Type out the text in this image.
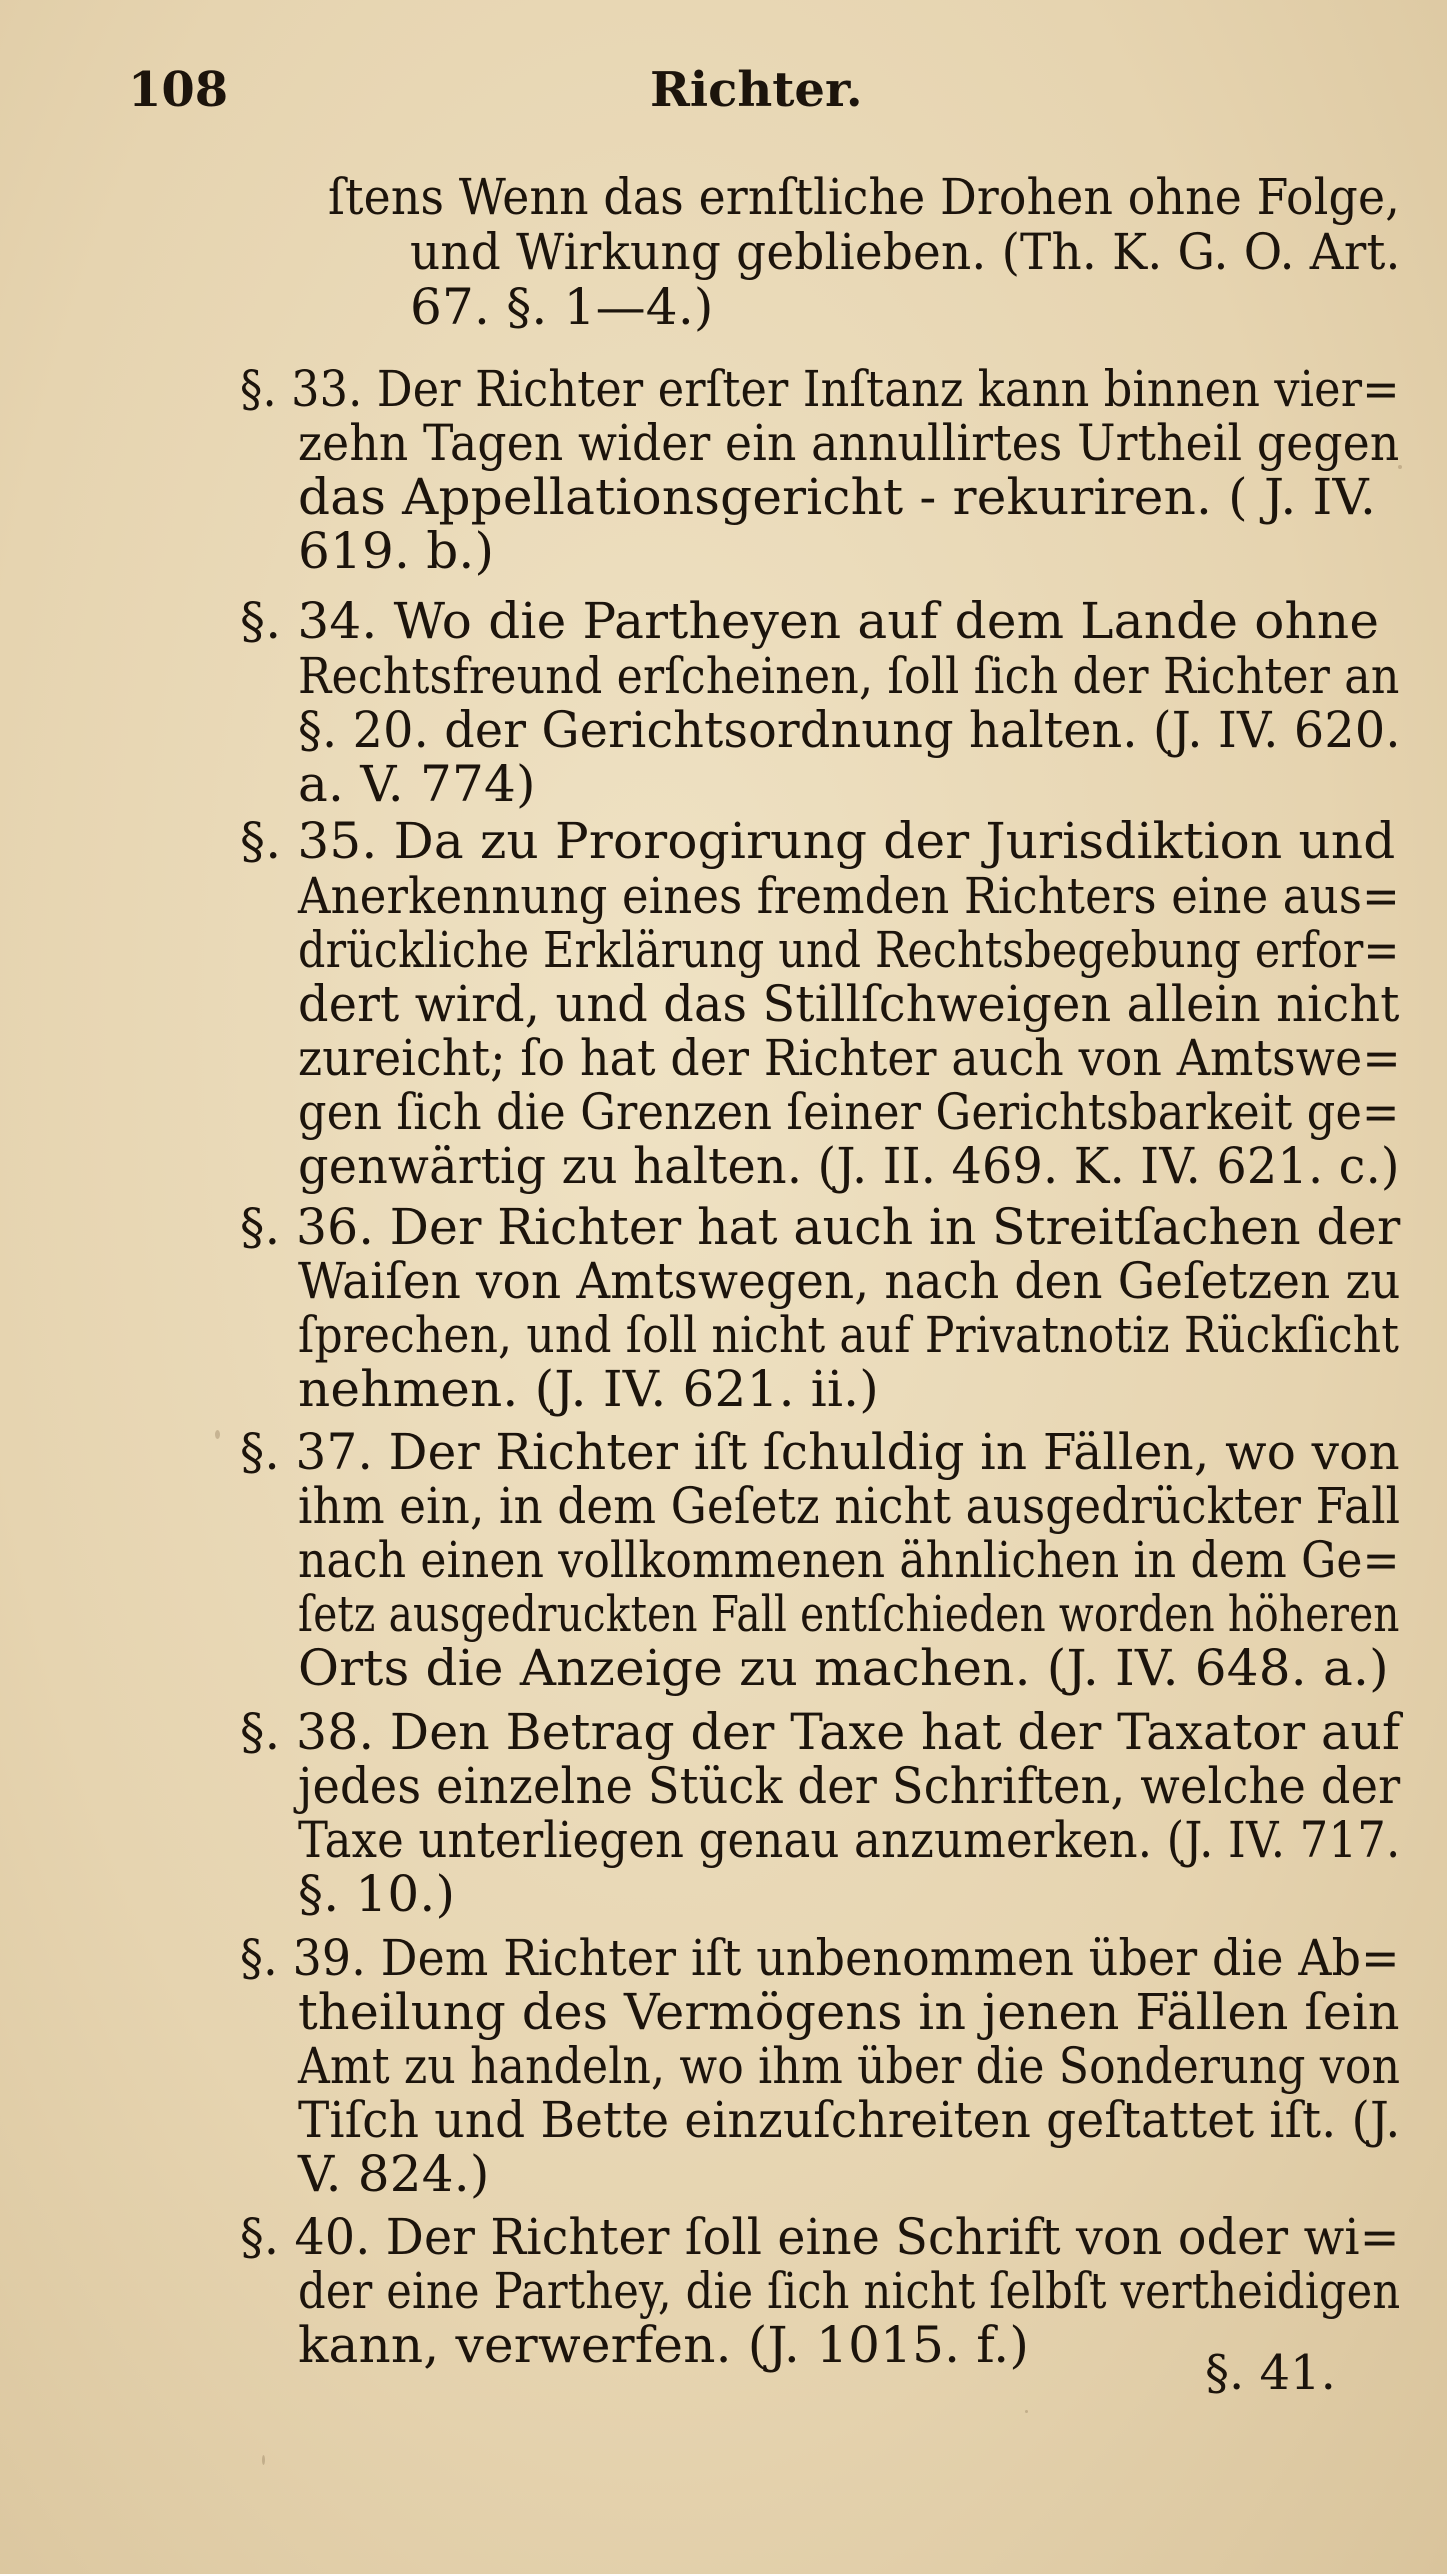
108	Richter.
ſtens Wenn das ernſtliche Drohen ohne Folge,
und Wirkung geblieben. (Th. K. G. O. Art.
67. §. 1—4.)
§. 33. Der Richter erſter Inſtanz kann binnen vier=
zehn Tagen wider ein annullirtes Urtheil gegen
das Appellationsgericht - rekuriren. ( J. IV.
619. b.)
§. 34. Wo die Partheyen auf dem Lande ohne
Rechtsfreund erſcheinen, ſoll ſich der Richter an
§. 20. der Gerichtsordnung halten. (J. IV. 620.
a. V. 774)
§. 35. Da zu Prorogirung der Jurisdiktion und
Anerkennung eines fremden Richters eine aus=
drückliche Erklärung und Rechtsbegebung erfor=
dert wird, und das Stillſchweigen allein nicht
zureicht; ſo hat der Richter auch von Amtswe=
gen ſich die Grenzen ſeiner Gerichtsbarkeit ge=
genwärtig zu halten. (J. II. 469. K. IV. 621. c.)
§. 36. Der Richter hat auch in Streitſachen der
Waiſen von Amtswegen, nach den Geſetzen zu
ſprechen, und ſoll nicht auf Privatnotiz Rückſicht
nehmen. (J. IV. 621. ii.)
§. 37. Der Richter iſt ſchuldig in Fällen, wo von
ihm ein, in dem Geſetz nicht ausgedrückter Fall
nach einen vollkommenen ähnlichen in dem Ge=
ſetz ausgedruckten Fall entſchieden worden höheren
Orts die Anzeige zu machen. (J. IV. 648. a.)
§. 38. Den Betrag der Taxe hat der Taxator auf
jedes einzelne Stück der Schriften, welche der
Taxe unterliegen genau anzumerken. (J. IV. 717.
§. 10.)
§. 39. Dem Richter iſt unbenommen über die Ab=
theilung des Vermögens in jenen Fällen ſein
Amt zu handeln, wo ihm über die Sonderung von
Tiſch und Bette einzuſchreiten geſtattet iſt. (J.
V. 824.)
§. 40. Der Richter ſoll eine Schrift von oder wi=
der eine Parthey, die ſich nicht ſelbſt vertheidigen
kann, verwerfen. (J. 1015. f.)	§. 41.
